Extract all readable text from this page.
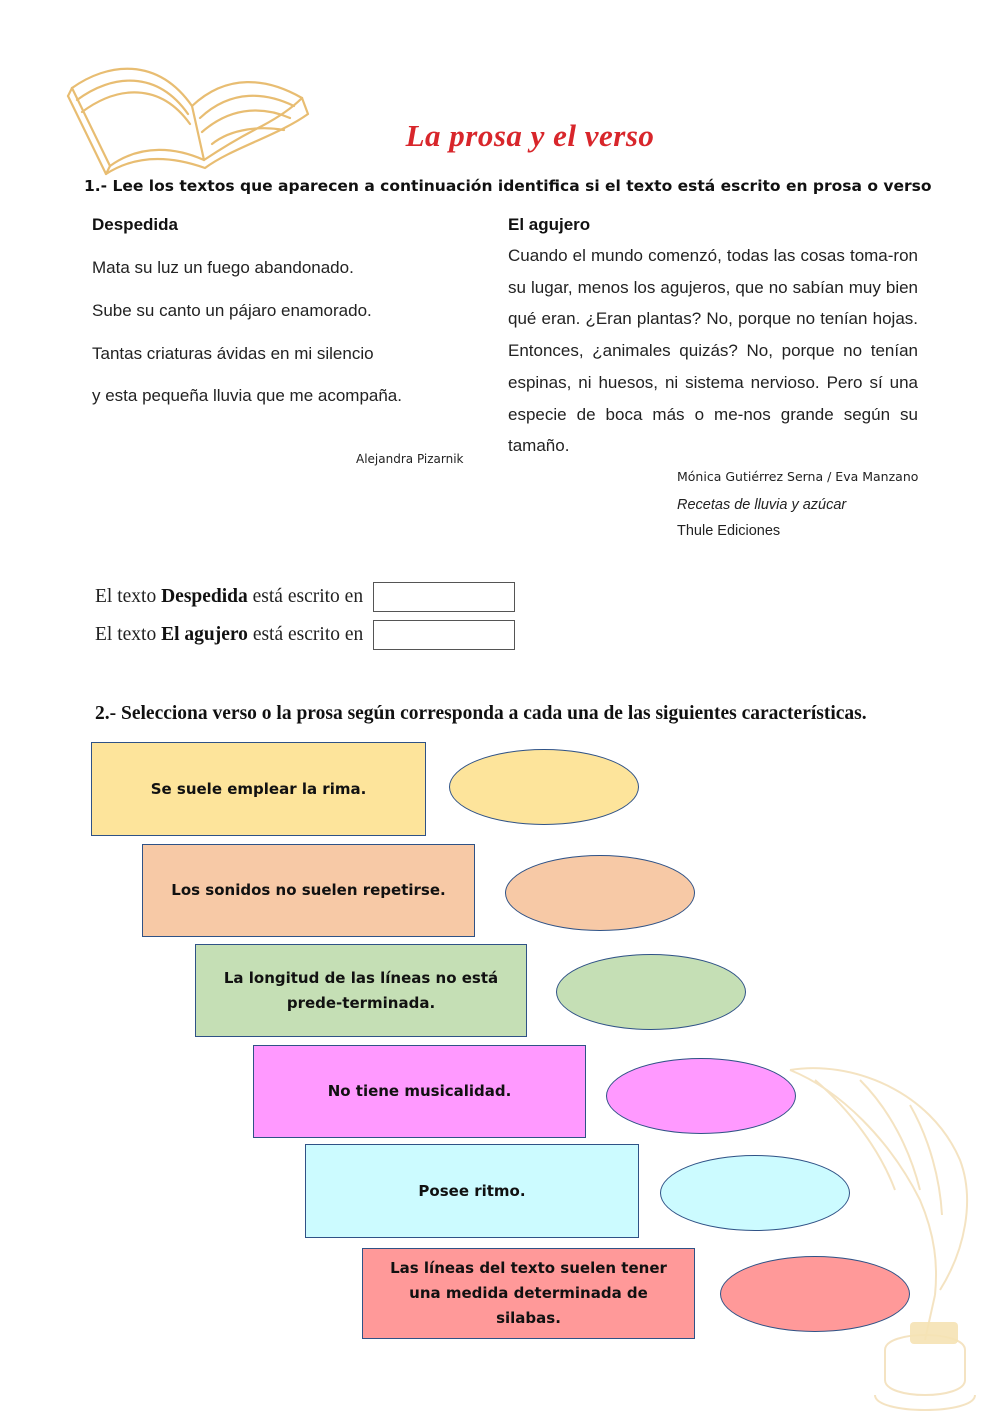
La prosa y el verso
1.- Lee los textos que aparecen a continuación identifica si el texto está escrito en prosa o verso
Despedida
Mata su luz un fuego abandonado.
Sube su canto un pájaro enamorado.
Tantas criaturas ávidas en mi silencio
y esta pequeña lluvia que me acompaña.
Alejandra Pizarnik
El agujero

Cuando el mundo comenzó, todas las cosas toma-ron su lugar, menos los agujeros, que no sabían muy bien qué eran. ¿Eran plantas? No, porque no tenían hojas. Entonces, ¿animales quizás? No, porque no tenían espinas, ni huesos, ni sistema nervioso. Pero sí una especie de boca más o me-nos grande según su tamaño.

Mónica Gutiérrez Serna / Eva Manzano
Recetas de lluvia y azúcar
Thule Ediciones
El texto Despedida está escrito en
El texto El agujero está escrito en
2.- Selecciona verso o la prosa según corresponda a cada una de las siguientes características.
Se suele emplear la rima.
Los sonidos no suelen repetirse.
La longitud de las líneas no está prede-terminada.
No tiene musicalidad.
Posee ritmo.
Las líneas del texto suelen tener una medida determinada de silabas.
